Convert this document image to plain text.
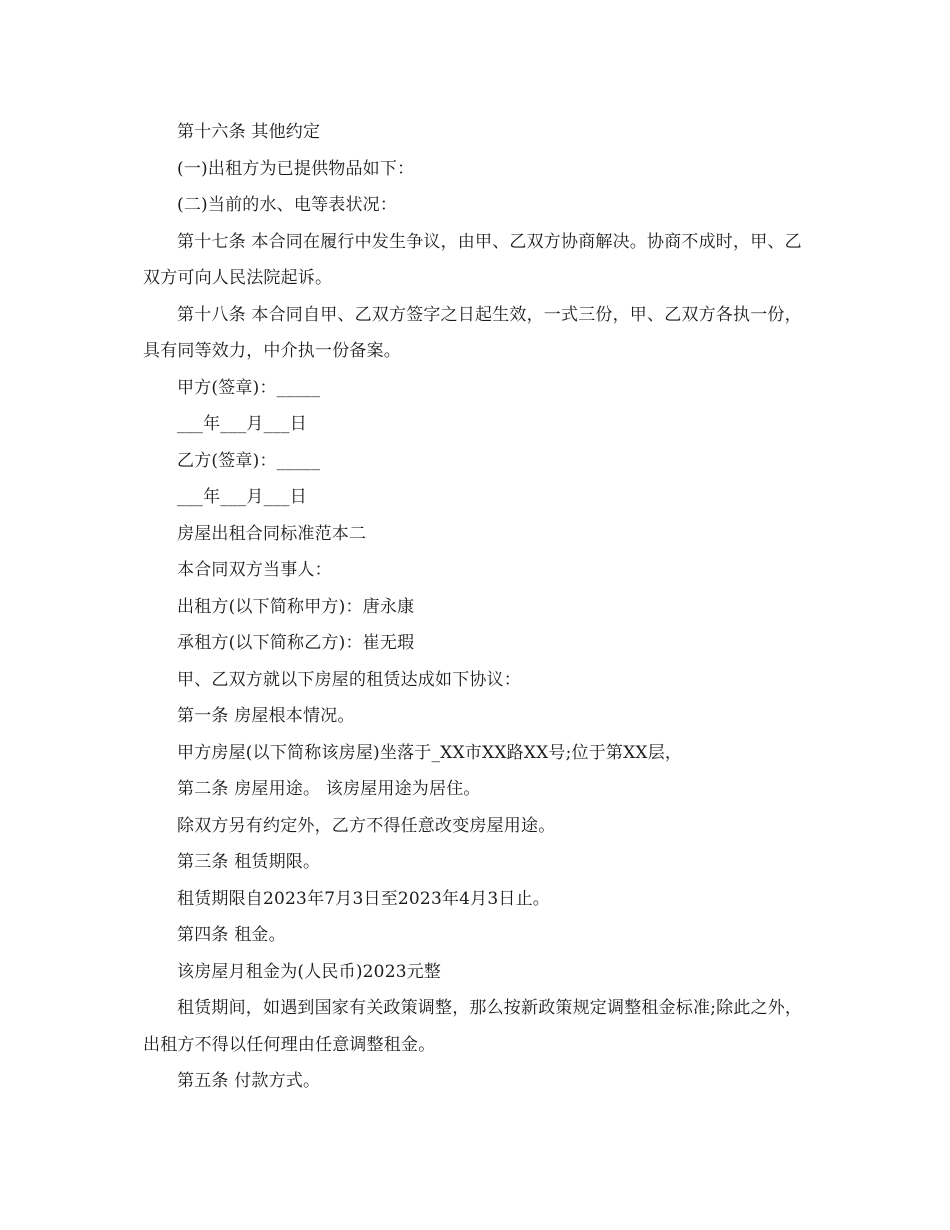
第十六条 其他约定

(一)出租方为已提供物品如下：

(二)当前的水、电等表状况：

第十七条 本合同在履行中发生争议，由甲、乙双方协商解决。协商不成时，甲、乙双方可向人民法院起诉。

第十八条 本合同自甲、乙双方签字之日起生效，一式三份，甲、乙双方各执一份，具有同等效力，中介执一份备案。

甲方(签章)：_____

___年___月___日

乙方(签章)：_____

___年___月___日

房屋出租合同标准范本二

本合同双方当事人：

出租方(以下简称甲方)：唐永康

承租方(以下简称乙方)：崔无瑕

甲、乙双方就以下房屋的租赁达成如下协议：

第一条 房屋根本情况。

甲方房屋(以下简称该房屋)坐落于_XX市XX路XX号;位于第XX层，

第二条 房屋用途。 该房屋用途为居住。

除双方另有约定外，乙方不得任意改变房屋用途。

第三条 租赁期限。

租赁期限自2023年7月3日至2023年4月3日止。

第四条 租金。

该房屋月租金为(人民币)2023元整

租赁期间，如遇到国家有关政策调整，那么按新政策规定调整租金标准;除此之外，出租方不得以任何理由任意调整租金。

第五条 付款方式。
